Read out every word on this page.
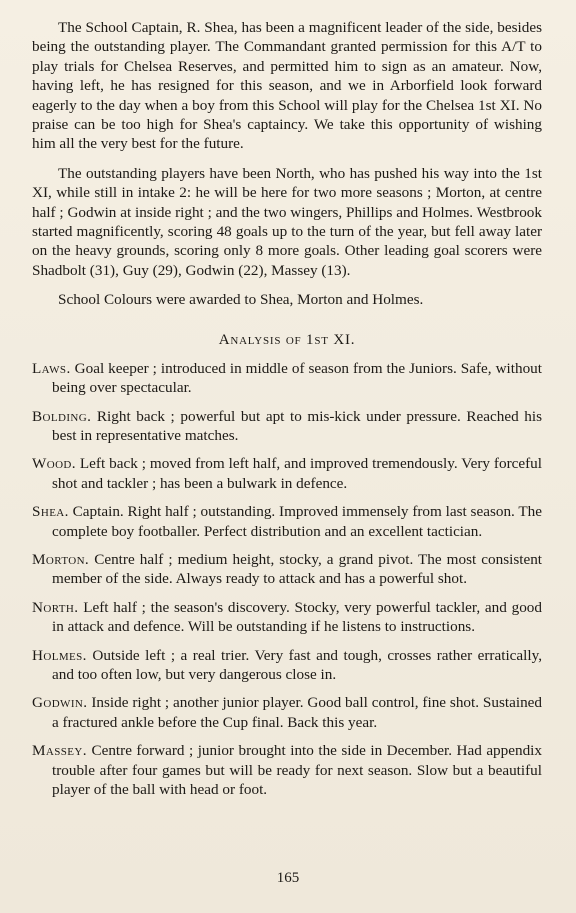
The School Captain, R. Shea, has been a magnificent leader of the side, besides being the outstanding player. The Commandant granted permission for this A/T to play trials for Chelsea Reserves, and permitted him to sign as an amateur. Now, having left, he has resigned for this season, and we in Arborfield look forward eagerly to the day when a boy from this School will play for the Chelsea 1st XI. No praise can be too high for Shea's captaincy. We take this opportunity of wishing him all the very best for the future.

The outstanding players have been North, who has pushed his way into the 1st XI, while still in intake 2: he will be here for two more seasons ; Morton, at centre half ; Godwin at inside right ; and the two wingers, Phillips and Holmes. Westbrook started magnificently, scoring 48 goals up to the turn of the year, but fell away later on the heavy grounds, scoring only 8 more goals. Other leading goal scorers were Shadbolt (31), Guy (29), Godwin (22), Massey (13).

School Colours were awarded to Shea, Morton and Holmes.

Analysis of 1st XI.
Laws. Goal keeper ; introduced in middle of season from the Juniors. Safe, without being over spectacular.
Bolding. Right back ; powerful but apt to mis-kick under pressure. Reached his best in representative matches.
Wood. Left back ; moved from left half, and improved tremendously. Very forceful shot and tackler ; has been a bulwark in defence.
Shea. Captain. Right half ; outstanding. Improved immensely from last season. The complete boy footballer. Perfect distribution and an excellent tactician.
Morton. Centre half ; medium height, stocky, a grand pivot. The most consistent member of the side. Always ready to attack and has a powerful shot.
North. Left half ; the season's discovery. Stocky, very powerful tackler, and good in attack and defence. Will be outstanding if he listens to instructions.
Holmes. Outside left ; a real trier. Very fast and tough, crosses rather erratically, and too often low, but very dangerous close in.
Godwin. Inside right ; another junior player. Good ball control, fine shot. Sustained a fractured ankle before the Cup final. Back this year.
Massey. Centre forward ; junior brought into the side in December. Had appendix trouble after four games but will be ready for next season. Slow but a beautiful player of the ball with head or foot.
165
